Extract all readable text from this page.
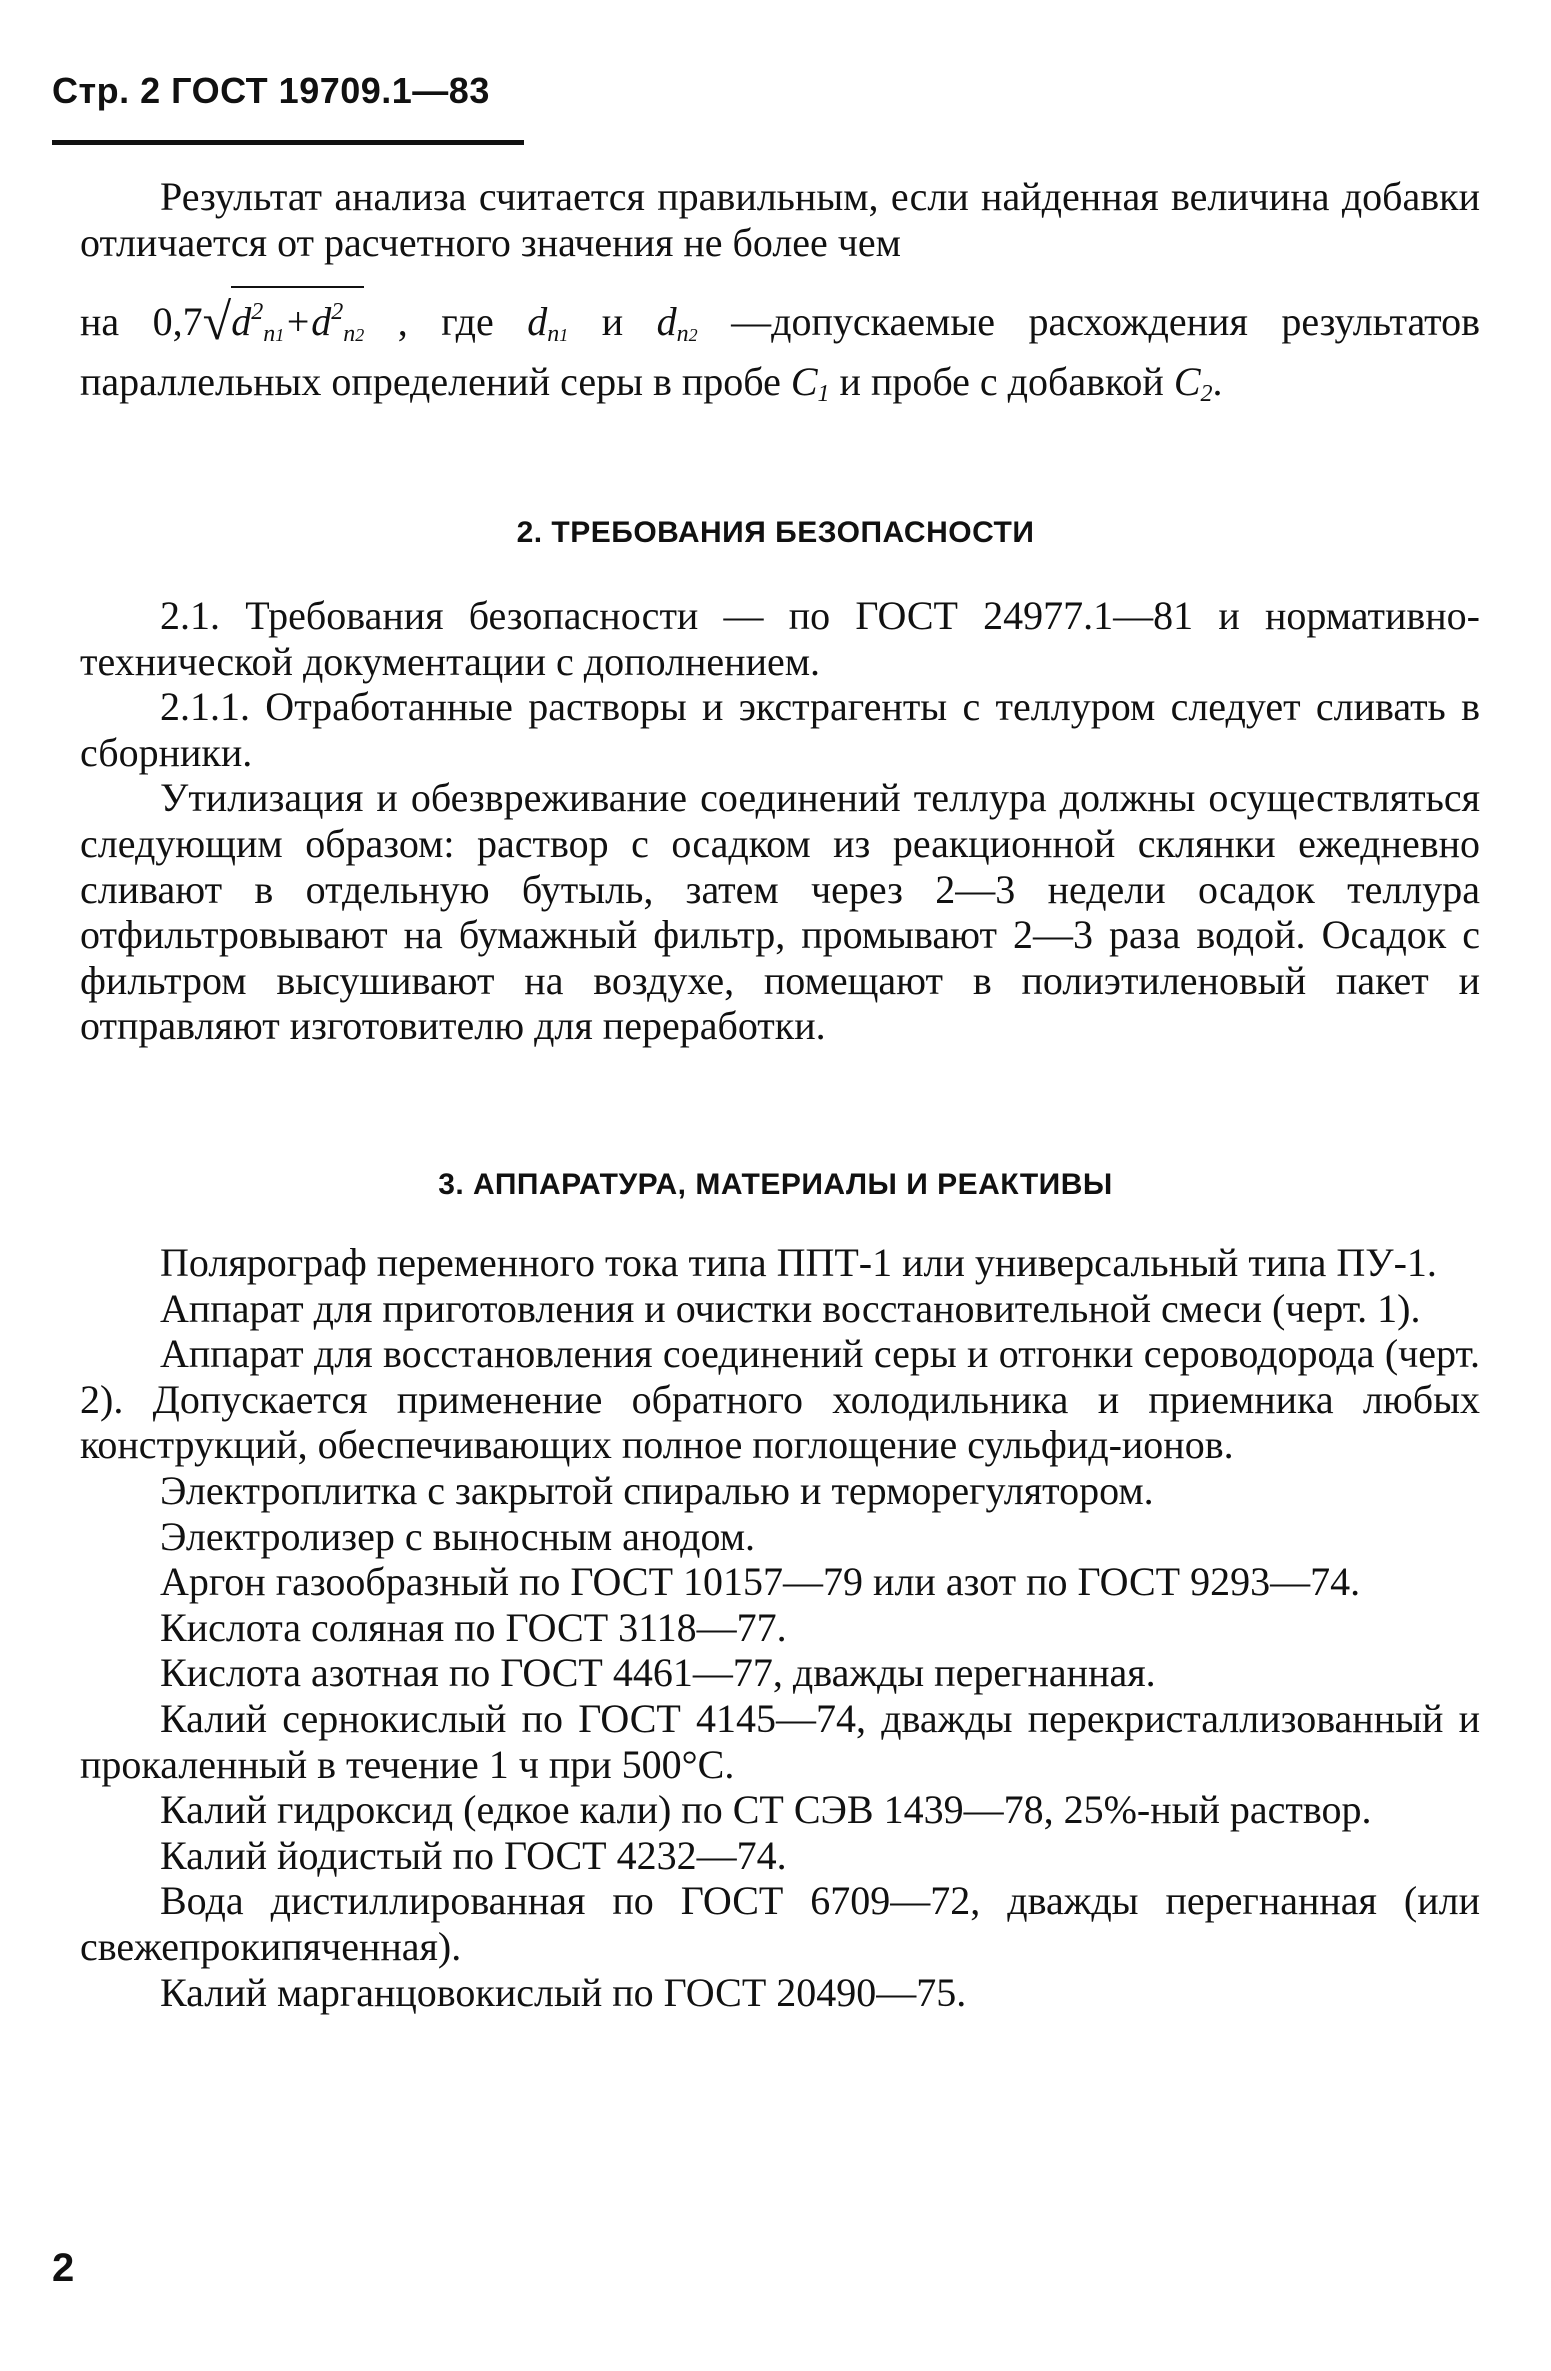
Стр. 2 ГОСТ 19709.1—83

Результат анализа считается правильным, если найденная величина добавки отличается от расчетного значения не более чем

на $0,7√d^2_{n1}+d^2_{n2}$ , где $d_{n1}$ и $d_{n2}$ —допускаемые расхождения результатов параллельных определений серы в пробе $C_1$ и пробе с добавкой $C_2$.

2. ТРЕБОВАНИЯ БЕЗОПАСНОСТИ

2.1. Требования безопасности — по ГОСТ 24977.1—81 и нормативно-технической документации с дополнением.

2.1.1. Отработанные растворы и экстрагенты с теллуром следует сливать в сборники.

Утилизация и обезвреживание соединений теллура должны осуществляться следующим образом: раствор с осадком из реакционной склянки ежедневно сливают в отдельную бутыль, затем через 2—3 недели осадок теллура отфильтровывают на бумажный фильтр, промывают 2—3 раза водой. Осадок с фильтром высушивают на воздухе, помещают в полиэтиленовый пакет и отправляют изготовителю для переработки.

3. АППАРАТУРА, МАТЕРИАЛЫ И РЕАКТИВЫ

Полярограф переменного тока типа ППТ-1 или универсальный типа ПУ-1.

Аппарат для приготовления и очистки восстановительной смеси (черт. 1).

Аппарат для восстановления соединений серы и отгонки сероводорода (черт. 2). Допускается применение обратного холодильника и приемника любых конструкций, обеспечивающих полное поглощение сульфид-ионов.

Электроплитка с закрытой спиралью и терморегулятором.

Электролизер с выносным анодом.

Аргон газообразный по ГОСТ 10157—79 или азот по ГОСТ 9293—74.

Кислота соляная по ГОСТ 3118—77.

Кислота азотная по ГОСТ 4461—77, дважды перегнанная.

Калий сернокислый по ГОСТ 4145—74, дважды перекристаллизованный и прокаленный в течение 1 ч при 500°С.

Калий гидроксид (едкое кали) по СТ СЭВ 1439—78, 25%-ный раствор.

Калий йодистый по ГОСТ 4232—74.

Вода дистиллированная по ГОСТ 6709—72, дважды перегнанная (или свежепрокипяченная).

Калий марганцовокислый по ГОСТ 20490—75.

2
